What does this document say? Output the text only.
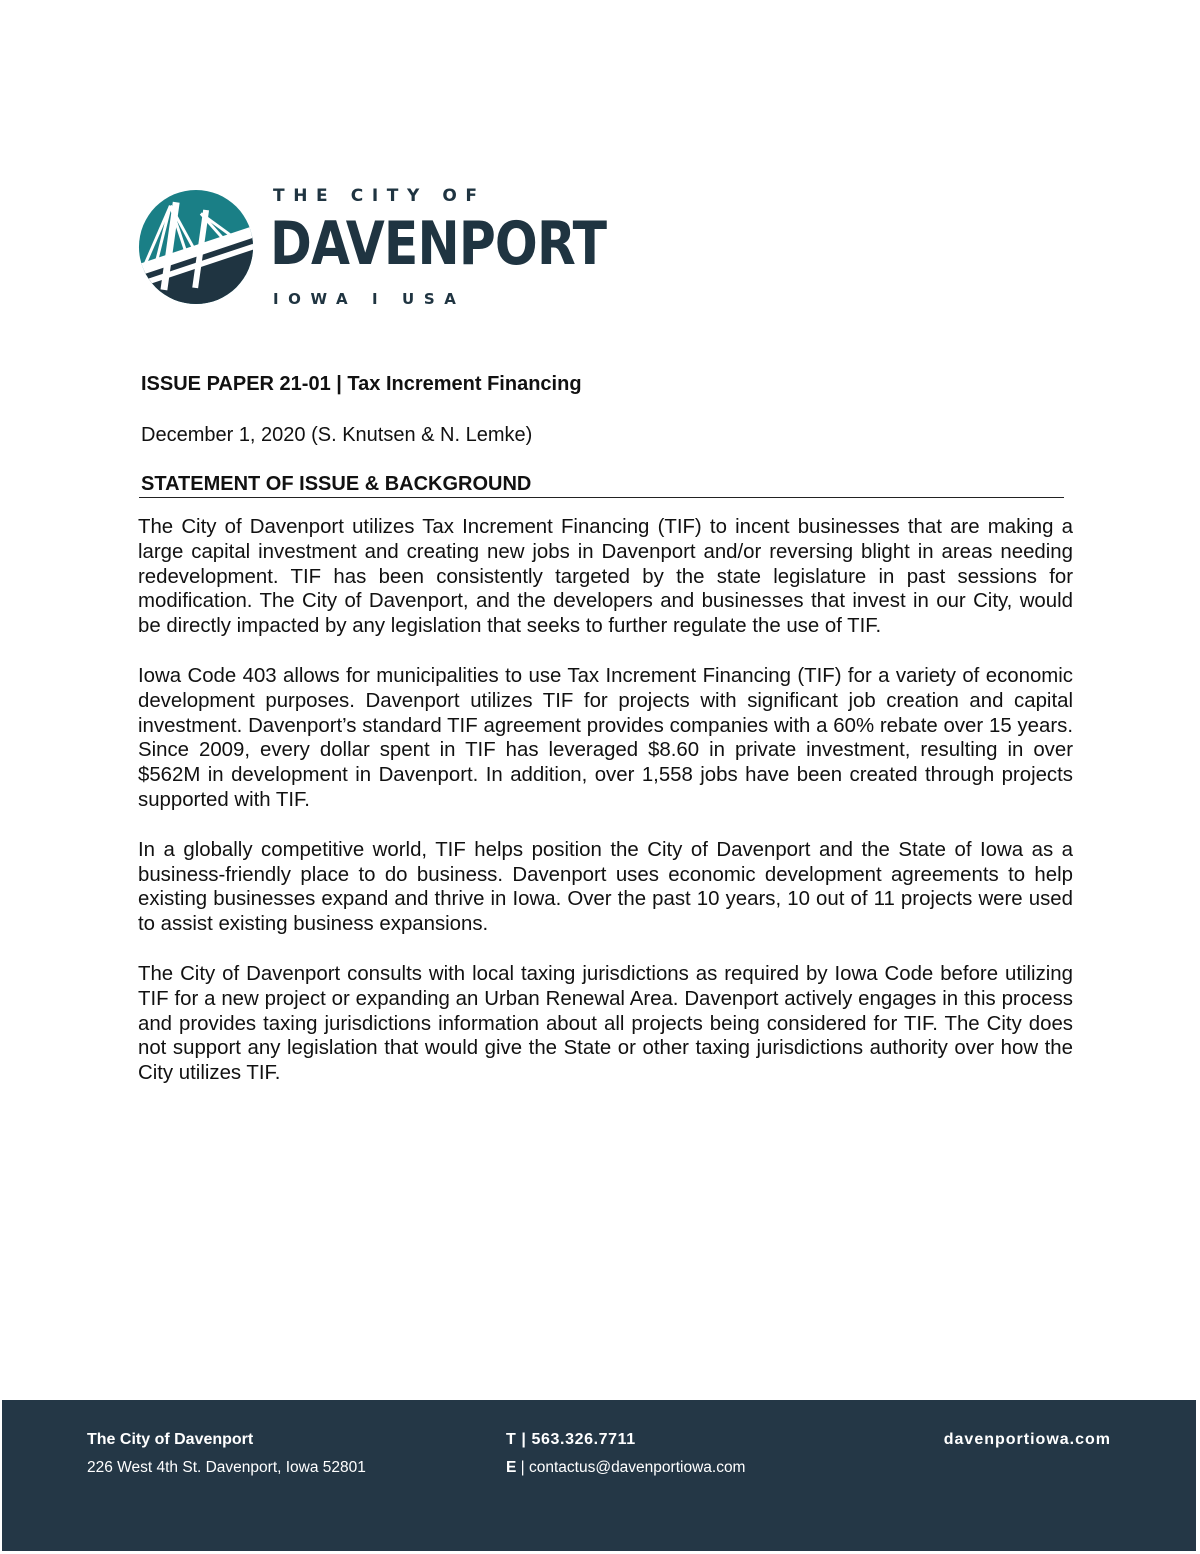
THE CITY OF
DAVENPORT
IOWA I USA
ISSUE PAPER 21-01 | Tax Increment Financing
December 1, 2020 (S. Knutsen & N. Lemke)
STATEMENT OF ISSUE & BACKGROUND

The City of Davenport utilizes Tax Increment Financing (TIF) to incent businesses that are making a large capital investment and creating new jobs in Davenport and/or reversing blight in areas needing redevelopment. TIF has been consistently targeted by the state legislature in past sessions for modification. The City of Davenport, and the developers and businesses that invest in our City, would be directly impacted by any legislation that seeks to further regulate the use of TIF.

Iowa Code 403 allows for municipalities to use Tax Increment Financing (TIF) for a variety of economic development purposes. Davenport utilizes TIF for projects with significant job creation and capital investment. Davenport’s standard TIF agreement provides companies with a 60% rebate over 15 years. Since 2009, every dollar spent in TIF has leveraged $8.60 in private investment, resulting in over $562M in development in Davenport. In addition, over 1,558 jobs have been created through projects supported with TIF.

In a globally competitive world, TIF helps position the City of Davenport and the State of Iowa as a business-friendly place to do business. Davenport uses economic development agreements to help existing businesses expand and thrive in Iowa. Over the past 10 years, 10 out of 11 projects were used to assist existing business expansions.

The City of Davenport consults with local taxing jurisdictions as required by Iowa Code before utilizing TIF for a new project or expanding an Urban Renewal Area. Davenport actively engages in this process and provides taxing jurisdictions information about all projects being considered for TIF. The City does not support any legislation that would give the State or other taxing jurisdictions authority over how the City utilizes TIF.

The City of Davenport
226 West 4th St. Davenport, Iowa 52801
T | 563.326.7711
E | contactus@davenportiowa.com
davenportiowa.com
